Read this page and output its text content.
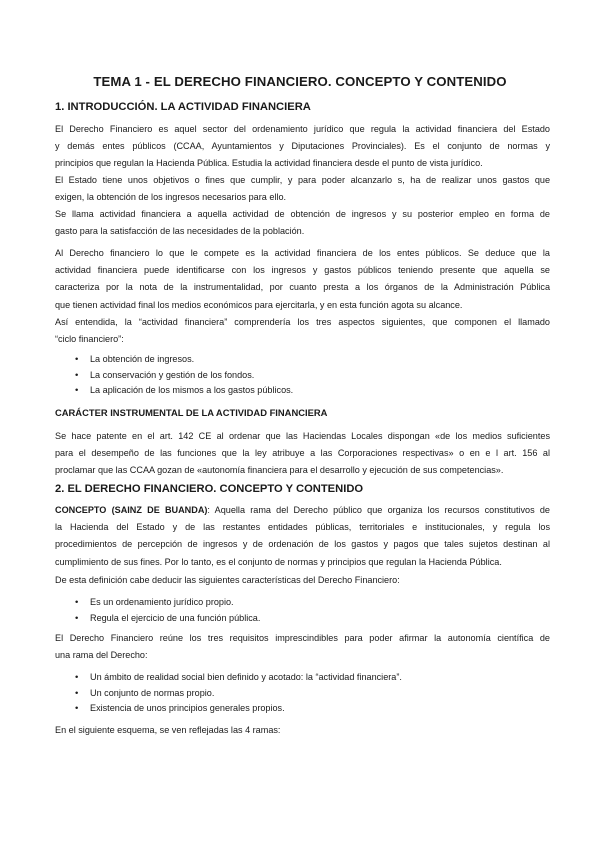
TEMA 1 - EL DERECHO FINANCIERO. CONCEPTO Y CONTENIDO
1. INTRODUCCIÓN. LA ACTIVIDAD FINANCIERA
El Derecho Financiero es aquel sector del ordenamiento jurídico que regula la actividad financiera del Estado
y demás entes públicos (CCAA, Ayuntamientos y Diputaciones Provinciales). Es el conjunto de normas y
principios que regulan la Hacienda Pública. Estudia la actividad financiera desde el punto de vista jurídico.
El Estado tiene unos objetivos o fines que cumplir, y para poder alcanzarlo s, ha de realizar unos gastos que
exigen, la obtención de los ingresos necesarios para ello.
Se llama actividad financiera a aquella actividad de obtención de ingresos y su posterior empleo en forma de
gasto para la satisfacción de las necesidades de la población.
Al Derecho financiero lo que le compete es la actividad financiera de los entes públicos. Se deduce que la
actividad financiera puede identificarse con los ingresos y gastos públicos teniendo presente que aquella se
caracteriza por la nota de la instrumentalidad, por cuanto presta a los órganos de la Administración Pública
que tienen actividad final los medios económicos para ejercitarla, y en esta función agota su alcance.
Así entendida, la “actividad financiera” comprendería los tres aspectos siguientes, que componen el llamado
“ciclo financiero”:
• La obtención de ingresos.
• La conservación y gestión de los fondos.
• La aplicación de los mismos a los gastos públicos.
CARÁCTER INSTRUMENTAL DE LA ACTIVIDAD FINANCIERA
Se hace patente en el art. 142 CE al ordenar que las Haciendas Locales dispongan «de los medios suficientes
para el desempeño de las funciones que la ley atribuye a las Corporaciones respectivas» o en e l art. 156 al
proclamar que las CCAA gozan de «autonomía financiera para el desarrollo y ejecución de sus competencias».
2. EL DERECHO FINANCIERO. CONCEPTO Y CONTENIDO
CONCEPTO (SAINZ DE BUANDA): Aquella rama del Derecho público que organiza los recursos constitutivos de
la Hacienda del Estado y de las restantes entidades públicas, territoriales e institucionales, y regula los
procedimientos de percepción de ingresos y de ordenación de los gastos y pagos que tales sujetos destinan al
cumplimiento de sus fines. Por lo tanto, es el conjunto de normas y principios que regulan la Hacienda Pública.
De esta definición cabe deducir las siguientes características del Derecho Financiero:
• Es un ordenamiento jurídico propio.
• Regula el ejercicio de una función pública.
El Derecho Financiero reúne los tres requisitos imprescindibles para poder afirmar la autonomía científica de
una rama del Derecho:
• Un ámbito de realidad social bien definido y acotado: la “actividad financiera”.
• Un conjunto de normas propio.
• Existencia de unos principios generales propios.
En el siguiente esquema, se ven reflejadas las 4 ramas:
